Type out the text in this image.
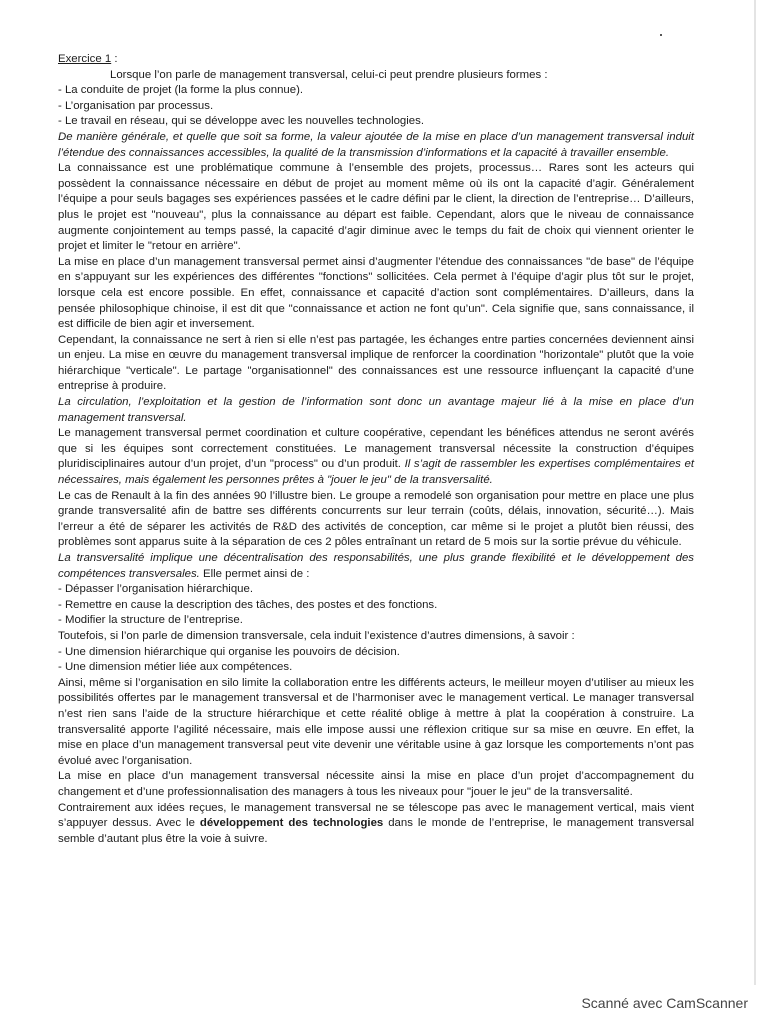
Exercice 1 :

Lorsque l’on parle de management transversal, celui-ci peut prendre plusieurs formes :

- La conduite de projet (la forme la plus connue).

- L’organisation par processus.

- Le travail en réseau, qui se développe avec les nouvelles technologies.

De manière générale, et quelle que soit sa forme, la valeur ajoutée de la mise en place d’un management transversal induit l’étendue des connaissances accessibles, la qualité de la transmission d’informations et la capacité à travailler ensemble.

La connaissance est une problématique commune à l’ensemble des projets, processus… Rares sont les acteurs qui possèdent la connaissance nécessaire en début de projet au moment même où ils ont la capacité d’agir. Généralement l’équipe a pour seuls bagages ses expériences passées et le cadre défini par le client, la direction de l’entreprise… D’ailleurs, plus le projet est "nouveau", plus la connaissance au départ est faible. Cependant, alors que le niveau de connaissance augmente conjointement au temps passé, la capacité d’agir diminue avec le temps du fait de choix qui viennent orienter le projet et limiter le "retour en arrière".

La mise en place d’un management transversal permet ainsi d’augmenter l’étendue des connaissances "de base" de l’équipe en s’appuyant sur les expériences des différentes "fonctions" sollicitées. Cela permet à l’équipe d’agir plus tôt sur le projet, lorsque cela est encore possible. En effet, connaissance et capacité d’action sont complémentaires. D’ailleurs, dans la pensée philosophique chinoise, il est dit que "connaissance et action ne font qu’un". Cela signifie que, sans connaissance, il est difficile de bien agir et inversement.

Cependant, la connaissance ne sert à rien si elle n’est pas partagée, les échanges entre parties concernées deviennent ainsi un enjeu. La mise en œuvre du management transversal implique de renforcer la coordination "horizontale" plutôt que la voie hiérarchique "verticale". Le partage "organisationnel" des connaissances est une ressource influençant la capacité d’une entreprise à produire.

La circulation, l’exploitation et la gestion de l’information sont donc un avantage majeur lié à la mise en place d’un management transversal.

Le management transversal permet coordination et culture coopérative, cependant les bénéfices attendus ne seront avérés que si les équipes sont correctement constituées. Le management transversal nécessite la construction d’équipes pluridisciplinaires autour d’un projet, d’un "process" ou d’un produit. Il s’agit de rassembler les expertises complémentaires et nécessaires, mais également les personnes prêtes à "jouer le jeu" de la transversalité.

Le cas de Renault à la fin des années 90 l’illustre bien. Le groupe a remodelé son organisation pour mettre en place une plus grande transversalité afin de battre ses différents concurrents sur leur terrain (coûts, délais, innovation, sécurité…). Mais l’erreur a été de séparer les activités de R&D des activités de conception, car même si le projet a plutôt bien réussi, des problèmes sont apparus suite à la séparation de ces 2 pôles entraînant un retard de 5 mois sur la sortie prévue du véhicule.

La transversalité implique une décentralisation des responsabilités, une plus grande flexibilité et le développement des compétences transversales. Elle permet ainsi de :

- Dépasser l’organisation hiérarchique.

- Remettre en cause la description des tâches, des postes et des fonctions.

- Modifier la structure de l’entreprise.

Toutefois, si l’on parle de dimension transversale, cela induit l’existence d’autres dimensions, à savoir :

- Une dimension hiérarchique qui organise les pouvoirs de décision.

- Une dimension métier liée aux compétences.

Ainsi, même si l’organisation en silo limite la collaboration entre les différents acteurs, le meilleur moyen d’utiliser au mieux les possibilités offertes par le management transversal et de l’harmoniser avec le management vertical. Le manager transversal n’est rien sans l’aide de la structure hiérarchique et cette réalité oblige à mettre à plat la coopération à construire. La transversalité apporte l’agilité nécessaire, mais elle impose aussi une réflexion critique sur sa mise en œuvre. En effet, la mise en place d’un management transversal peut vite devenir une véritable usine à gaz lorsque les comportements n’ont pas évolué avec l’organisation.

La mise en place d’un management transversal nécessite ainsi la mise en place d’un projet d’accompagnement du changement et d’une professionnalisation des managers à tous les niveaux pour "jouer le jeu" de la transversalité.

Contrairement aux idées reçues, le management transversal ne se télescope pas avec le management vertical, mais vient s’appuyer dessus. Avec le développement des technologies dans le monde de l’entreprise, le management transversal semble d’autant plus être la voie à suivre.

Scanné avec CamScanner
